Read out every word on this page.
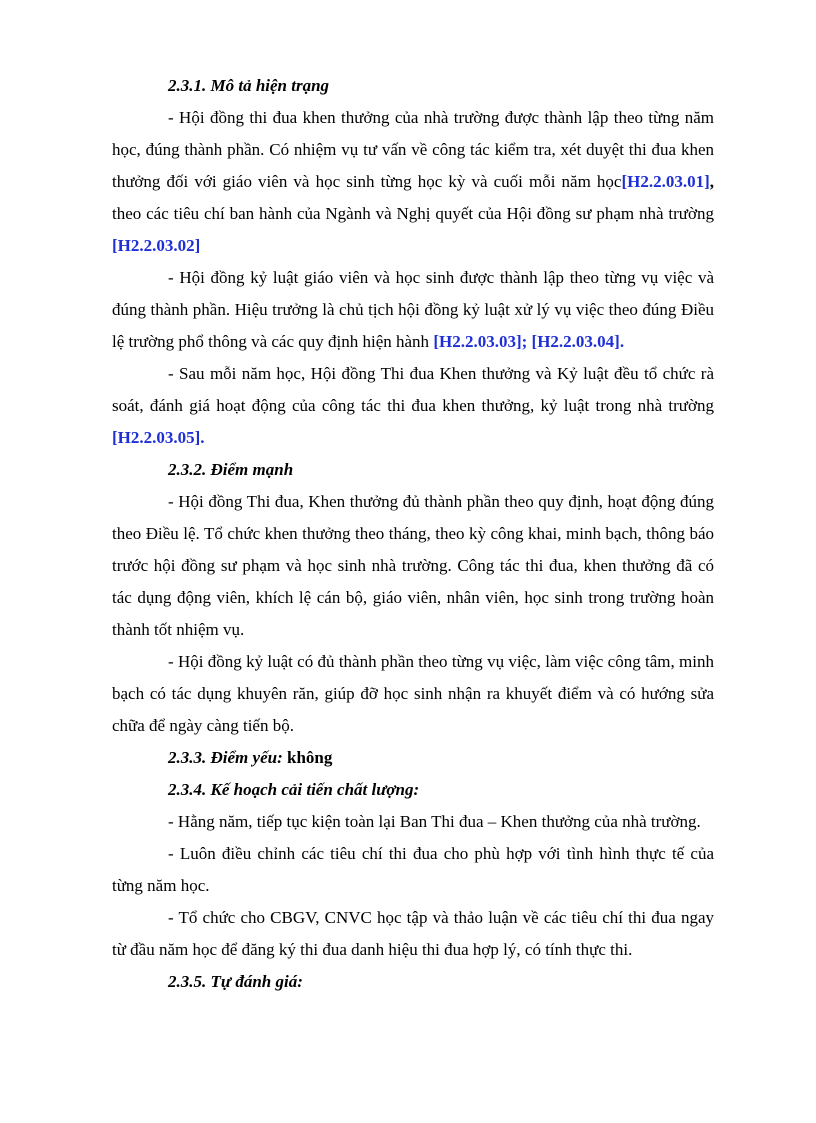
2.3.1. Mô tả hiện trạng

- Hội đồng thi đua khen thưởng của nhà trường được thành lập theo từng năm học, đúng thành phần. Có nhiệm vụ tư vấn về công tác kiểm tra, xét duyệt thi đua khen thưởng đối với giáo viên và học sinh từng học kỳ và cuối mỗi năm học[H2.2.03.01], theo các tiêu chí ban hành của Ngành và Nghị quyết của Hội đồng sư phạm nhà trường [H2.2.03.02]

- Hội đồng kỷ luật giáo viên và học sinh được thành lập theo từng vụ việc và đúng thành phần. Hiệu trưởng là chủ tịch hội đồng kỷ luật xử lý vụ việc theo đúng Điều lệ trường phổ thông và các quy định hiện hành [H2.2.03.03]; [H2.2.03.04].

- Sau mỗi năm học, Hội đồng Thi đua Khen thưởng và Kỷ luật đều tổ chức rà soát, đánh giá hoạt động của công tác thi đua khen thưởng, kỷ luật trong nhà trường [H2.2.03.05].

2.3.2. Điểm mạnh

- Hội đồng Thi đua, Khen thưởng đủ thành phần theo quy định, hoạt động đúng theo Điều lệ. Tổ chức khen thưởng theo tháng, theo kỳ công khai, minh bạch, thông báo trước hội đồng sư phạm và học sinh nhà trường. Công tác thi đua, khen thưởng đã có tác dụng động viên, khích lệ cán bộ, giáo viên, nhân viên, học sinh trong trường hoàn thành tốt nhiệm vụ.

- Hội đồng kỷ luật có đủ thành phần theo từng vụ việc, làm việc công tâm, minh bạch có tác dụng khuyên răn, giúp đỡ học sinh nhận ra khuyết điểm và có hướng sửa chữa để ngày càng tiến bộ.

2.3.3. Điểm yếu: không

2.3.4. Kế hoạch cải tiến chất lượng:

- Hằng năm, tiếp tục kiện toàn lại Ban Thi đua – Khen thưởng của nhà trường.

- Luôn điều chỉnh các tiêu chí thi đua cho phù hợp với tình hình thực tế của từng năm học.

- Tổ chức cho CBGV, CNVC học tập và thảo luận về các tiêu chí thi đua ngay từ đầu năm học để đăng ký thi đua danh hiệu thi đua hợp lý, có tính thực thi.

2.3.5. Tự đánh giá:
